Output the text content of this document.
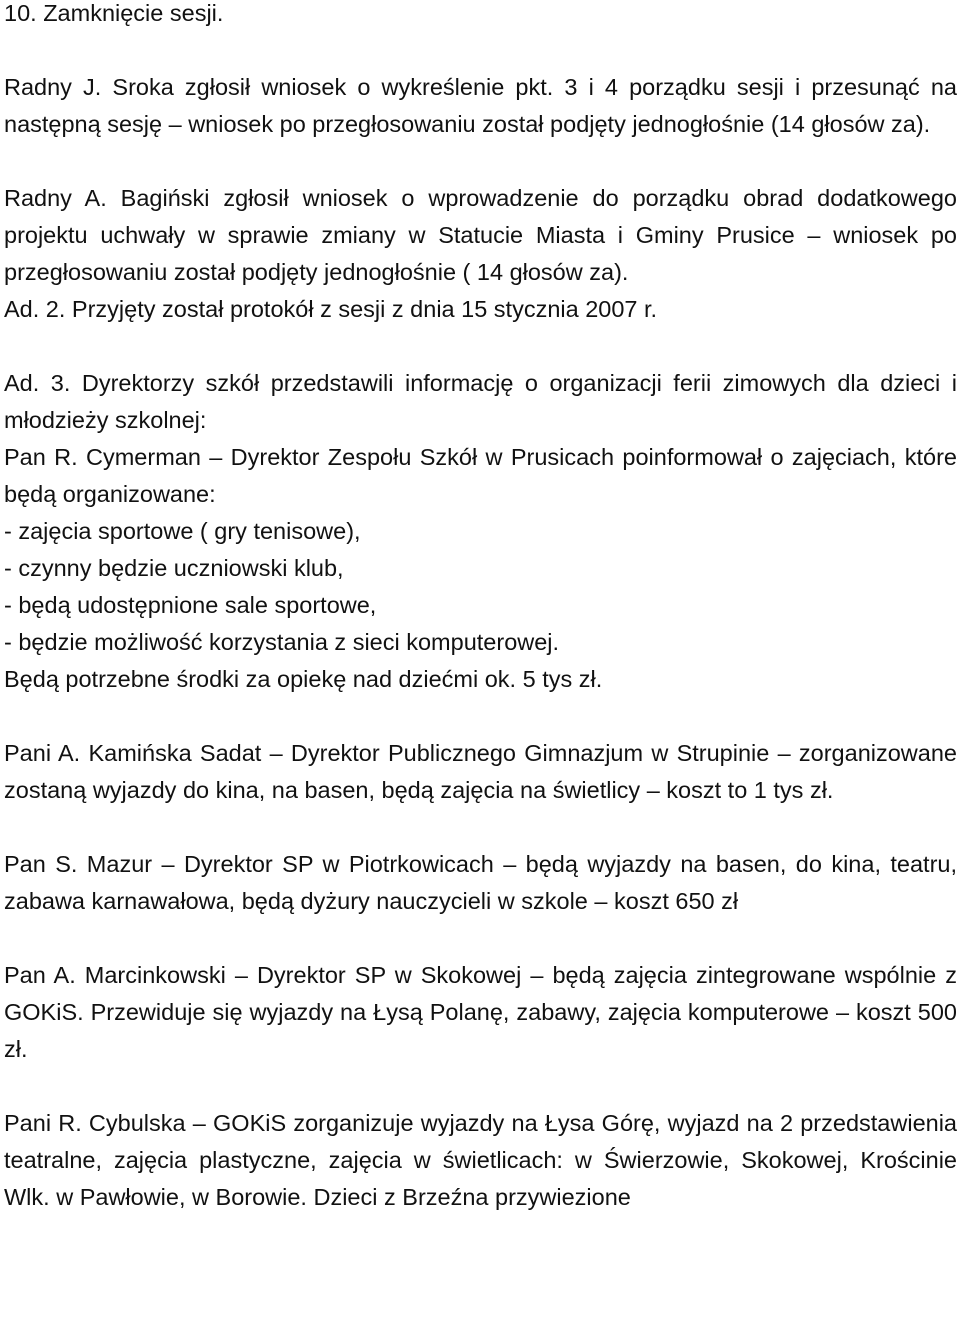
10. Zamknięcie sesji.

Radny J. Sroka zgłosił wniosek o wykreślenie pkt. 3 i 4 porządku sesji i przesunąć na następną sesję – wniosek po przegłosowaniu został podjęty jednogłośnie (14 głosów za).

Radny A. Bagiński zgłosił wniosek o wprowadzenie do porządku obrad dodatkowego projektu uchwały w sprawie zmiany w Statucie Miasta i Gminy Prusice – wniosek po przegłosowaniu został podjęty jednogłośnie ( 14 głosów za).

Ad. 2. Przyjęty został protokół z sesji z dnia 15 stycznia 2007 r.

Ad. 3. Dyrektorzy szkół przedstawili informację o organizacji ferii zimowych dla dzieci i młodzieży szkolnej:

Pan R. Cymerman – Dyrektor Zespołu Szkół w Prusicach poinformował o zajęciach, które będą organizowane:

- zajęcia sportowe ( gry tenisowe),

- czynny będzie uczniowski klub,

- będą udostępnione sale sportowe,

- będzie możliwość korzystania z sieci komputerowej.

Będą potrzebne środki za opiekę nad dziećmi ok. 5 tys zł.

Pani A. Kamińska Sadat – Dyrektor Publicznego Gimnazjum w Strupinie – zorganizowane zostaną wyjazdy do kina, na basen, będą zajęcia na świetlicy – koszt to 1 tys zł.

Pan S. Mazur – Dyrektor SP w Piotrkowicach – będą wyjazdy na basen, do kina, teatru, zabawa karnawałowa, będą dyżury nauczycieli w szkole – koszt 650 zł

Pan A. Marcinkowski – Dyrektor SP w Skokowej – będą zajęcia zintegrowane wspólnie z GOKiS. Przewiduje się wyjazdy na Łysą Polanę, zabawy, zajęcia komputerowe – koszt 500 zł.

Pani R. Cybulska – GOKiS zorganizuje wyjazdy na Łysa Górę, wyjazd na 2 przedstawienia teatralne, zajęcia plastyczne, zajęcia w świetlicach: w Świerzowie, Skokowej, Krościnie Wlk. w Pawłowie, w Borowie. Dzieci z Brzeźna przywiezione
